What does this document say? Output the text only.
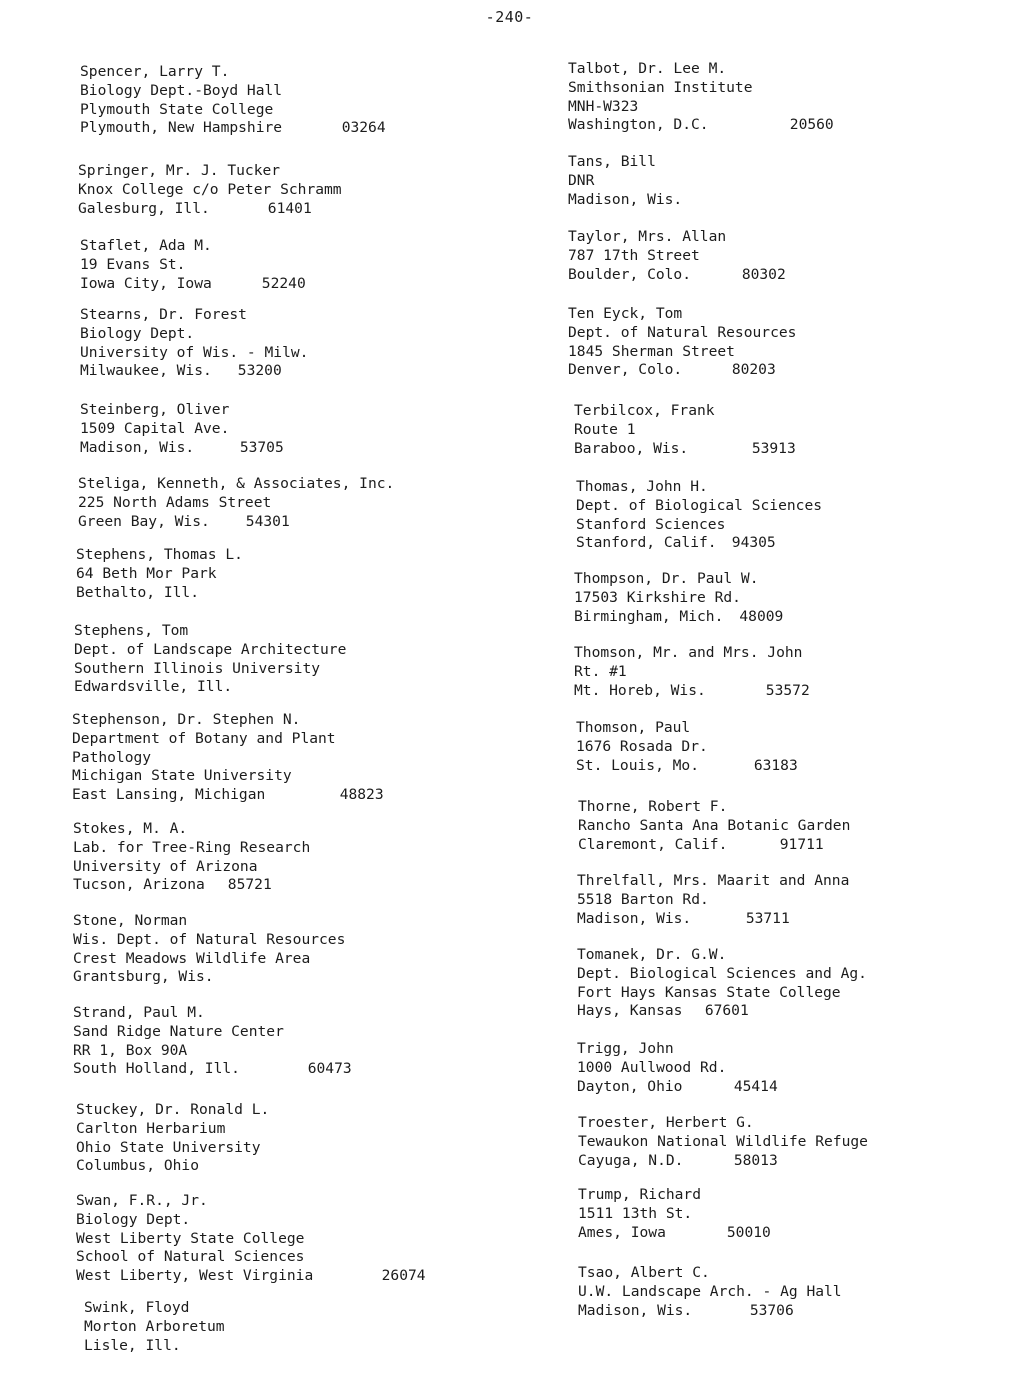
-240-
Spencer, Larry T.
Biology Dept.-Boyd Hall
Plymouth State College
Plymouth, New Hampshire	03264
Springer, Mr. J. Tucker
Knox College c/o Peter Schramm
Galesburg, Ill.	61401
Staflet, Ada M.
19 Evans St.
Iowa City, Iowa	52240
Stearns, Dr. Forest
Biology Dept.
University of Wis. - Milw.
Milwaukee, Wis. 53200
Steinberg, Oliver
1509 Capital Ave.
Madison, Wis.	53705
Steliga, Kenneth, & Associates, Inc.
225 North Adams Street
Green Bay, Wis. 54301
Stephens, Thomas L.
64 Beth Mor Park
Bethalto, Ill.
Stephens, Tom
Dept. of Landscape Architecture
Southern Illinois University
Edwardsville, Ill.
Stephenson, Dr. Stephen N.
Department of Botany and Plant
Pathology
Michigan State University
East Lansing, Michigan	48823
Stokes, M. A.
Lab. for Tree-Ring Research
University of Arizona
Tucson, Arizona 85721
Stone, Norman
Wis. Dept. of Natural Resources
Crest Meadows Wildlife Area
Grantsburg, Wis.
Strand, Paul M.
Sand Ridge Nature Center
RR 1, Box 90A
South Holland, Ill.	60473
Stuckey, Dr. Ronald L.
Carlton Herbarium
Ohio State University
Columbus, Ohio
Swan, F.R., Jr.
Biology Dept.
West Liberty State College
School of Natural Sciences
West Liberty, West Virginia	26074
Swink, Floyd
Morton Arboretum
Lisle, Ill.
Talbot, Dr. Lee M.
Smithsonian Institute
MNH-W323
Washington, D.C.	20560
Tans, Bill
DNR
Madison, Wis.
Taylor, Mrs. Allan
787 17th Street
Boulder, Colo.	80302
Ten Eyck, Tom
Dept. of Natural Resources
1845 Sherman Street
Denver, Colo.	80203
Terbilcox, Frank
Route 1
Baraboo, Wis.	53913
Thomas, John H.
Dept. of Biological Sciences
Stanford Sciences
Stanford, Calif. 94305
Thompson, Dr. Paul W.
17503 Kirkshire Rd.
Birmingham, Mich. 48009
Thomson, Mr. and Mrs. John
Rt. #1
Mt. Horeb, Wis.	53572
Thomson, Paul
1676 Rosada Dr.
St. Louis, Mo.	63183
Thorne, Robert F.
Rancho Santa Ana Botanic Garden
Claremont, Calif.	91711
Threlfall, Mrs. Maarit and Anna
5518 Barton Rd.
Madison, Wis.	53711
Tomanek, Dr. G.W.
Dept. Biological Sciences and Ag.
Fort Hays Kansas State College
Hays, Kansas 67601
Trigg, John
1000 Aullwood Rd.
Dayton, Ohio	45414
Troester, Herbert G.
Tewaukon National Wildlife Refuge
Cayuga, N.D.	58013
Trump, Richard
1511 13th St.
Ames, Iowa	50010
Tsao, Albert C.
U.W. Landscape Arch. - Ag Hall
Madison, Wis.	53706
